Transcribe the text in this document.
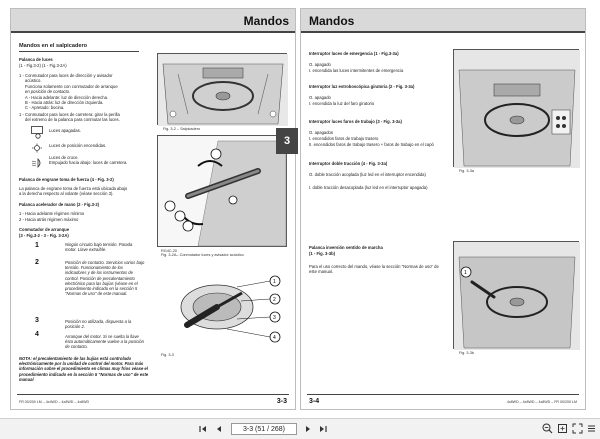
Mandos
Mandos en el salpicadero
Palanca de luces
(1 - Fig.3-2) (1 - Fig.3-2A)
1 - Conmutador para luces de dirección y avisador
acústico.
Funciona solamente con conmutador de arranque
en posición de contacto.
A - Hacia adelante: luz de dirección derecha.
B - Hacia atrás: luz de dirección izquierda.
C - Apretado: bocina.
1 - Conmutador para luces de carretera: girar la perilla
del extremo de la palanca para conmutar las luces.
Luces apagadas.
Luces de posición encendidas.
Luces de cruce.
Empujado hacia abajo: luces de carretera.
Palanca de engrane toma de fuerza (4 - Fig. 3-2)
La palanca de engrane toma de fuerza está ubicada abajo
a la derecha respecto al volante (véase sección 3).
Palanca acelerador de mano (2 - Fig.3-2)
1 - Hacia adelante régimen mínimo
2 - Hacia atrás régimen máximo
Conmutador de arranque
(3 - Fig.3-2 - 3 - Fig. 3-2A)
1	Ningún circuito bajo tensión. Parada motor. Llave extraíble.
2	Posición de contacto. Servicios varios bajo tensión. Funcionamiento de los indicadores y de los instrumentos de control. Posición de precalentamiento electrónico para las bujías (véase en el procedimiento indicado en la sección 5 "Normas de uso" de este manual.
3	Posición no utilizada, dispuesta a la posición 2.
4	Arranque del motor. Si se suelta la llave ésta automáticamente vuelve a la posición de contacto.
NOTA: el precalentamiento de las bujías está controlado electrónicamente por la unidad de control del motor. Para más información sobre el procedimiento en climas muy fríos véase el procedimiento indicado en la sección 5 "Normas de uso" de este manual
Fig. 3-2 – Salpicadero
RG4C-20
Fig. 3-2A– Conmutador luces y avisador acústico
1
2
3
4
Fig. 3-3
FR 00/200 LM – 4x4WD – 4x8WD – 4x8WD	3-3
3
Mandos
Interruptor luces de emergencia (1 - Fig.3-3a)
O. apagado
I. encendida las luces intermitentes de emergencia
Interruptor luz estroboscópica giratoria (2 - Fig. 3-3a)
O. apagado
I. encendida la luz del faro giratorio
Interruptor luces faros de trabajo (3 - Fig. 3-3a)
O. apagados
I. encendidos faros de trabajo trasero
II. encendidos faros de trabajo trasero + faros de trabajo en el capó
Interruptor doble tracción (4 - Fig. 3-3a)
O. doble tracción acoplada (luz led en el interruptor encendida)
I. doble tracción desacoplada (luz led en el interruptor apagada)
Palanca inversión sentido de marcha
(1 - Fig. 3-3b)
Para el uso correcto del mando, véase la sección "Normas de uso" de este manual.
Fig. 3-3a
1
Fig. 3-3b
3-4	4x8WD – 4x8WD – 4x8WD – FR 00/200 LM
3-3 (51 / 268)
